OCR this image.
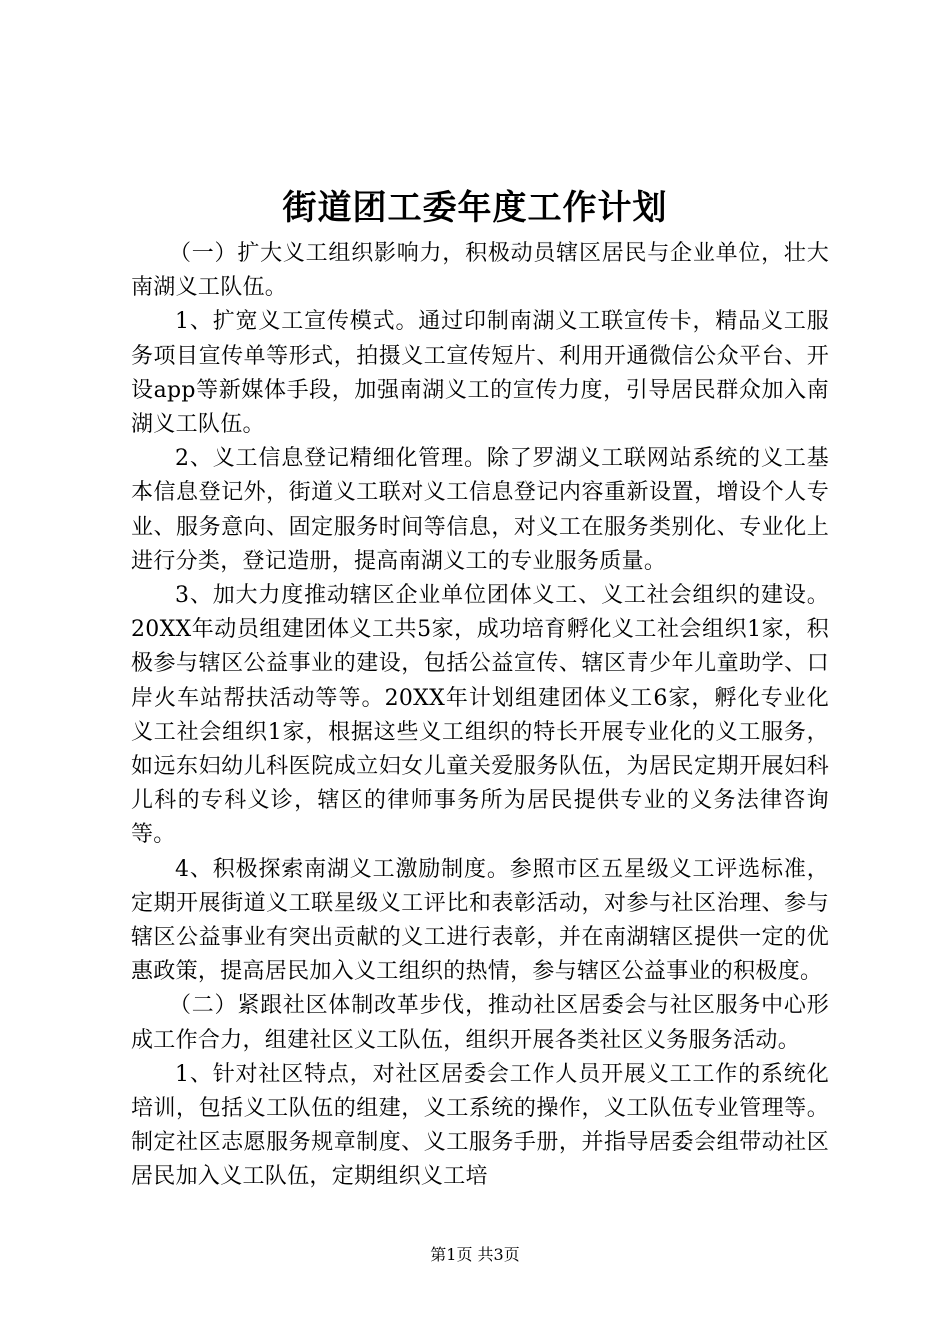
街道团工委年度工作计划

（一）扩大义工组织影响力，积极动员辖区居民与企业单位，壮大南湖义工队伍。

1、扩宽义工宣传模式。通过印制南湖义工联宣传卡，精品义工服务项目宣传单等形式，拍摄义工宣传短片、利用开通微信公众平台、开设app等新媒体手段，加强南湖义工的宣传力度，引导居民群众加入南湖义工队伍。

2、义工信息登记精细化管理。除了罗湖义工联网站系统的义工基本信息登记外，街道义工联对义工信息登记内容重新设置，增设个人专业、服务意向、固定服务时间等信息，对义工在服务类别化、专业化上进行分类，登记造册，提高南湖义工的专业服务质量。

3、加大力度推动辖区企业单位团体义工、义工社会组织的建设。20XX年动员组建团体义工共5家，成功培育孵化义工社会组织1家，积极参与辖区公益事业的建设，包括公益宣传、辖区青少年儿童助学、口岸火车站帮扶活动等等。20XX年计划组建团体义工6家，孵化专业化义工社会组织1家，根据这些义工组织的特长开展专业化的义工服务，如远东妇幼儿科医院成立妇女儿童关爱服务队伍，为居民定期开展妇科儿科的专科义诊，辖区的律师事务所为居民提供专业的义务法律咨询等。

4、积极探索南湖义工激励制度。参照市区五星级义工评选标准，定期开展街道义工联星级义工评比和表彰活动，对参与社区治理、参与辖区公益事业有突出贡献的义工进行表彰，并在南湖辖区提供一定的优惠政策，提高居民加入义工组织的热情，参与辖区公益事业的积极度。

（二）紧跟社区体制改革步伐，推动社区居委会与社区服务中心形成工作合力，组建社区义工队伍，组织开展各类社区义务服务活动。

1、针对社区特点，对社区居委会工作人员开展义工工作的系统化培训，包括义工队伍的组建，义工系统的操作，义工队伍专业管理等。制定社区志愿服务规章制度、义工服务手册，并指导居委会组带动社区居民加入义工队伍，定期组织义工培

第1页 共3页
